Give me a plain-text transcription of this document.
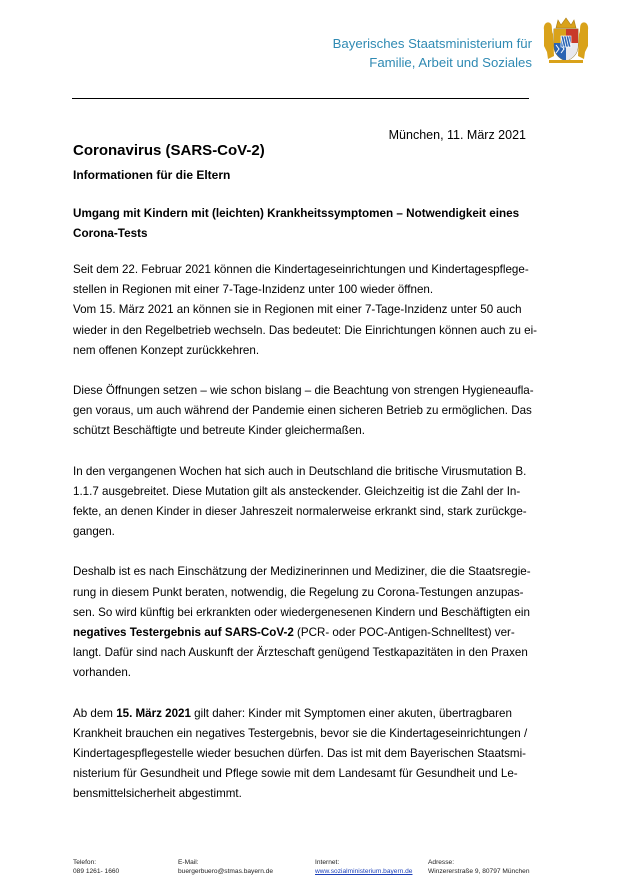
Bayerisches Staatsministerium für
Familie, Arbeit und Soziales
München, 11. März 2021
Coronavirus (SARS-CoV-2)
Informationen für die Eltern
Umgang mit Kindern mit (leichten) Krankheitssymptomen – Notwendigkeit eines
Corona-Tests

Seit dem 22. Februar 2021 können die Kindertageseinrichtungen und Kindertagespflege-
stellen in Regionen mit einer 7-Tage-Inzidenz unter 100 wieder öffnen.
Vom 15. März 2021 an können sie in Regionen mit einer 7-Tage-Inzidenz unter 50 auch
wieder in den Regelbetrieb wechseln. Das bedeutet: Die Einrichtungen können auch zu ei-
nem offenen Konzept zurückkehren.

Diese Öffnungen setzen – wie schon bislang – die Beachtung von strengen Hygieneaufla-
gen voraus, um auch während der Pandemie einen sicheren Betrieb zu ermöglichen. Das
schützt Beschäftigte und betreute Kinder gleichermaßen.

In den vergangenen Wochen hat sich auch in Deutschland die britische Virusmutation B.
1.1.7 ausgebreitet. Diese Mutation gilt als ansteckender. Gleichzeitig ist die Zahl der In-
fekte, an denen Kinder in dieser Jahreszeit normalerweise erkrankt sind, stark zurückge-
gangen.

Deshalb ist es nach Einschätzung der Medizinerinnen und Mediziner, die die Staatsregie-
rung in diesem Punkt beraten, notwendig, die Regelung zu Corona-Testungen anzupas-
sen. So wird künftig bei erkrankten oder wiedergenesenen Kindern und Beschäftigten ein
negatives Testergebnis auf SARS-CoV-2 (PCR- oder POC-Antigen-Schnelltest) ver-
langt. Dafür sind nach Auskunft der Ärzteschaft genügend Testkapazitäten in den Praxen
vorhanden.

Ab dem 15. März 2021 gilt daher: Kinder mit Symptomen einer akuten, übertragbaren
Krankheit brauchen ein negatives Testergebnis, bevor sie die Kindertageseinrichtungen /
Kindertagespflegestelle wieder besuchen dürfen. Das ist mit dem Bayerischen Staatsmi-
nisterium für Gesundheit und Pflege sowie mit dem Landesamt für Gesundheit und Le-
bensmittelsicherheit abgestimmt.

Telefon:
089 1261- 1660
E-Mail:
buergerbuero@stmas.bayern.de
Internet:
www.sozialministerium.bayern.de
Adresse:
Winzererstraße 9, 80797 München
